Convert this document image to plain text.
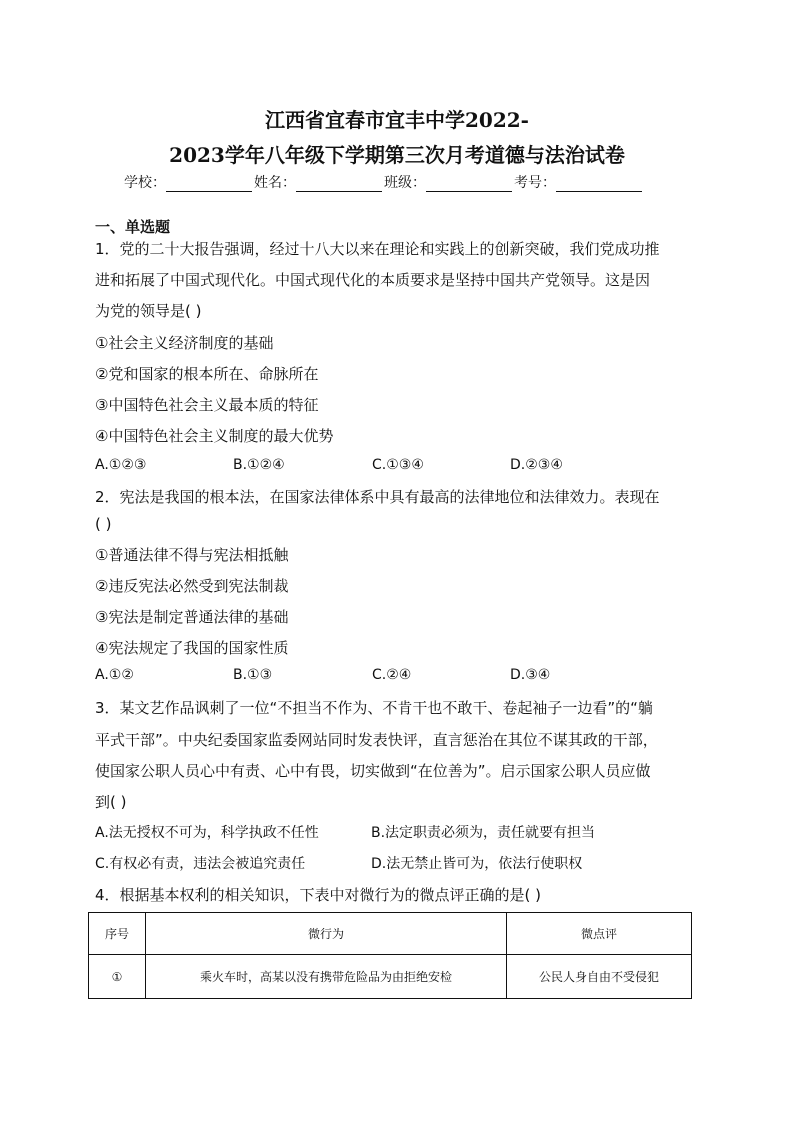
江西省宜春市宜丰中学2022-
2023学年八年级下学期第三次月考道德与法治试卷
学校：	姓名：	班级：	考号：
一、单选题
1．党的二十大报告强调，经过十八大以来在理论和实践上的创新突破，我们党成功推
进和拓展了中国式现代化。中国式现代化的本质要求是坚持中国共产党领导。这是因
为党的领导是( )
①社会主义经济制度的基础
②党和国家的根本所在、命脉所在
③中国特色社会主义最本质的特征
④中国特色社会主义制度的最大优势
A.①②③	B.①②④	C.①③④	D.②③④
2．宪法是我国的根本法，在国家法律体系中具有最高的法律地位和法律效力。表现在
( )
①普通法律不得与宪法相抵触
②违反宪法必然受到宪法制裁
③宪法是制定普通法律的基础
④宪法规定了我国的国家性质
A.①②	B.①③	C.②④	D.③④
3．某文艺作品讽刺了一位“不担当不作为、不肯干也不敢干、卷起袖子一边看”的“躺
平式干部”。中央纪委国家监委网站同时发表快评，直言惩治在其位不谋其政的干部，
使国家公职人员心中有责、心中有畏，切实做到“在位善为”。启示国家公职人员应做
到( )
A.法无授权不可为，科学执政不任性	B.法定职责必须为，责任就要有担当
C.有权必有责，违法会被追究责任	D.法无禁止皆可为，依法行使职权
4．根据基本权利的相关知识，下表中对微行为的微点评正确的是( )
序号	微行为	微点评
①	乘火车时，高某以没有携带危险品为由拒绝安检	公民人身自由不受侵犯
